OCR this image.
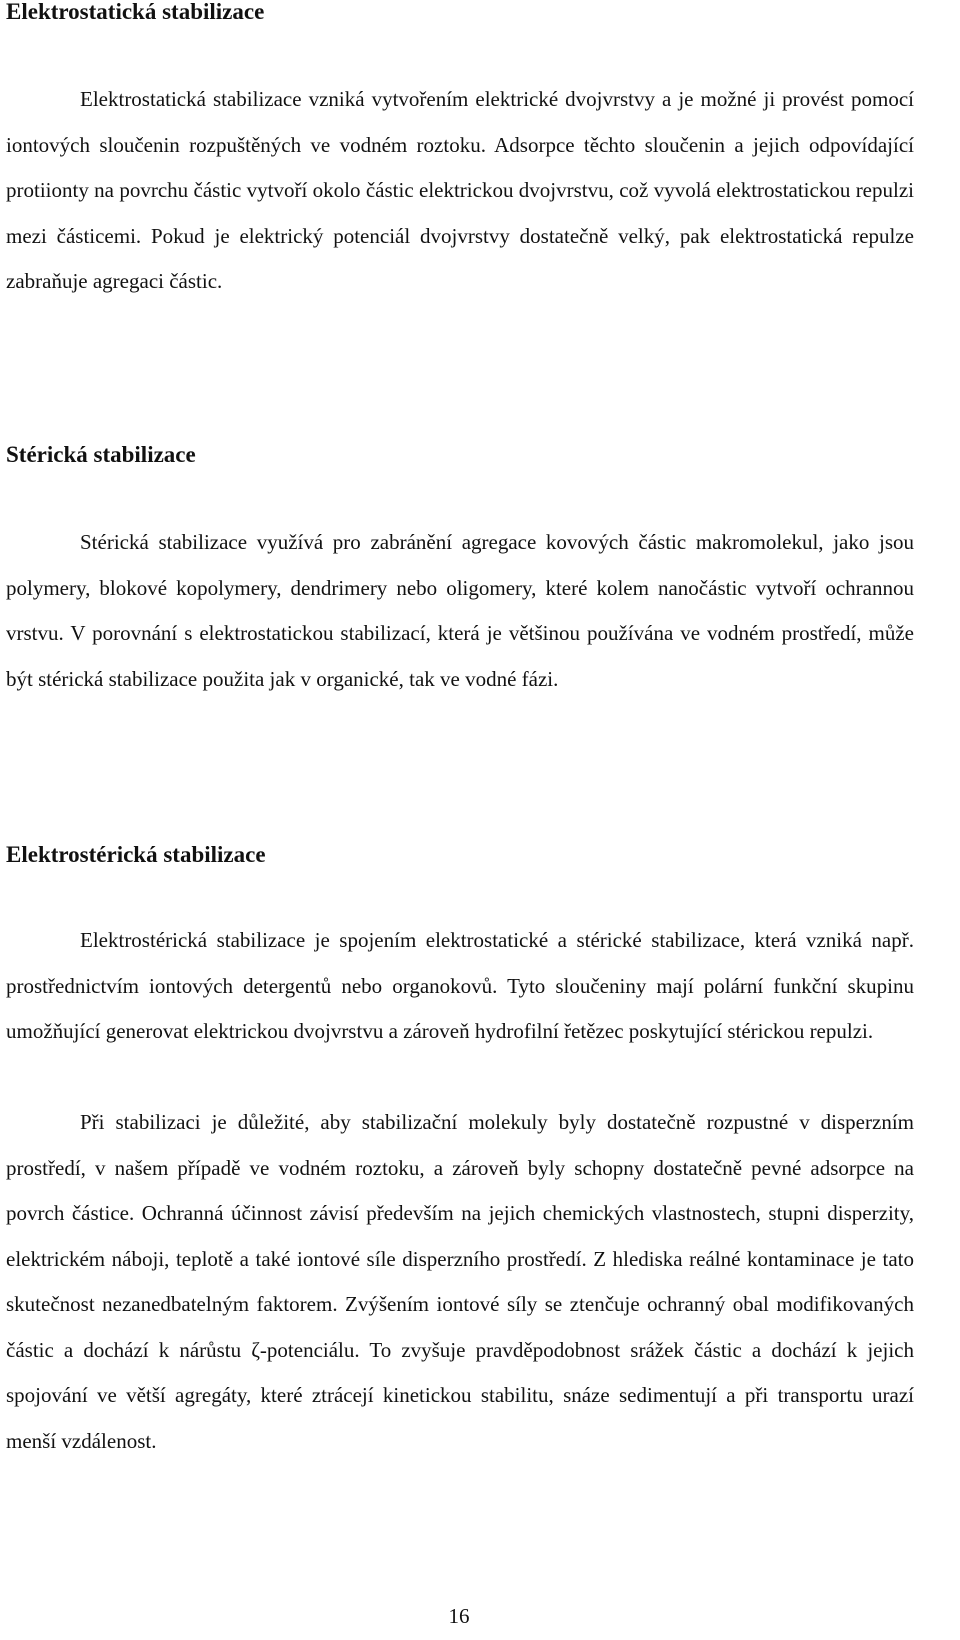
Elektrostatická stabilizace

Elektrostatická stabilizace vzniká vytvořením elektrické dvojvrstvy a je možné ji provést pomocí iontových sloučenin rozpuštěných ve vodném roztoku. Adsorpce těchto sloučenin a jejich odpovídající protiionty na povrchu částic vytvoří okolo částic elektrickou dvojvrstvu, což vyvolá elektrostatickou repulzi mezi částicemi. Pokud je elektrický potenciál dvojvrstvy dostatečně velký, pak elektrostatická repulze zabraňuje agregaci částic.

Stérická stabilizace

Stérická stabilizace využívá pro zabránění agregace kovových částic makromolekul, jako jsou polymery, blokové kopolymery, dendrimery nebo oligomery, které kolem nanočástic vytvoří ochrannou vrstvu. V porovnání s elektrostatickou stabilizací, která je většinou používána ve vodném prostředí, může být stérická stabilizace použita jak v organické, tak ve vodné fázi.

Elektrostérická stabilizace

Elektrostérická stabilizace je spojením elektrostatické a stérické stabilizace, která vzniká např. prostřednictvím iontových detergentů nebo organokovů. Tyto sloučeniny mají polární funkční skupinu umožňující generovat elektrickou dvojvrstvu a zároveň hydrofilní řetězec poskytující stérickou repulzi.

Při stabilizaci je důležité, aby stabilizační molekuly byly dostatečně rozpustné v disperzním prostředí, v našem případě ve vodném roztoku, a zároveň byly schopny dostatečně pevné adsorpce na povrch částice. Ochranná účinnost závisí především na jejich chemických vlastnostech, stupni disperzity, elektrickém náboji, teplotě a také iontové síle disperzního prostředí. Z hlediska reálné kontaminace je tato skutečnost nezanedbatelným faktorem. Zvýšením iontové síly se ztenčuje ochranný obal modifikovaných částic a dochází k nárůstu ζ-potenciálu. To zvyšuje pravděpodobnost srážek částic a dochází k jejich spojování ve větší agregáty, které ztrácejí kinetickou stabilitu, snáze sedimentují a při transportu urazí menší vzdálenost.

16
